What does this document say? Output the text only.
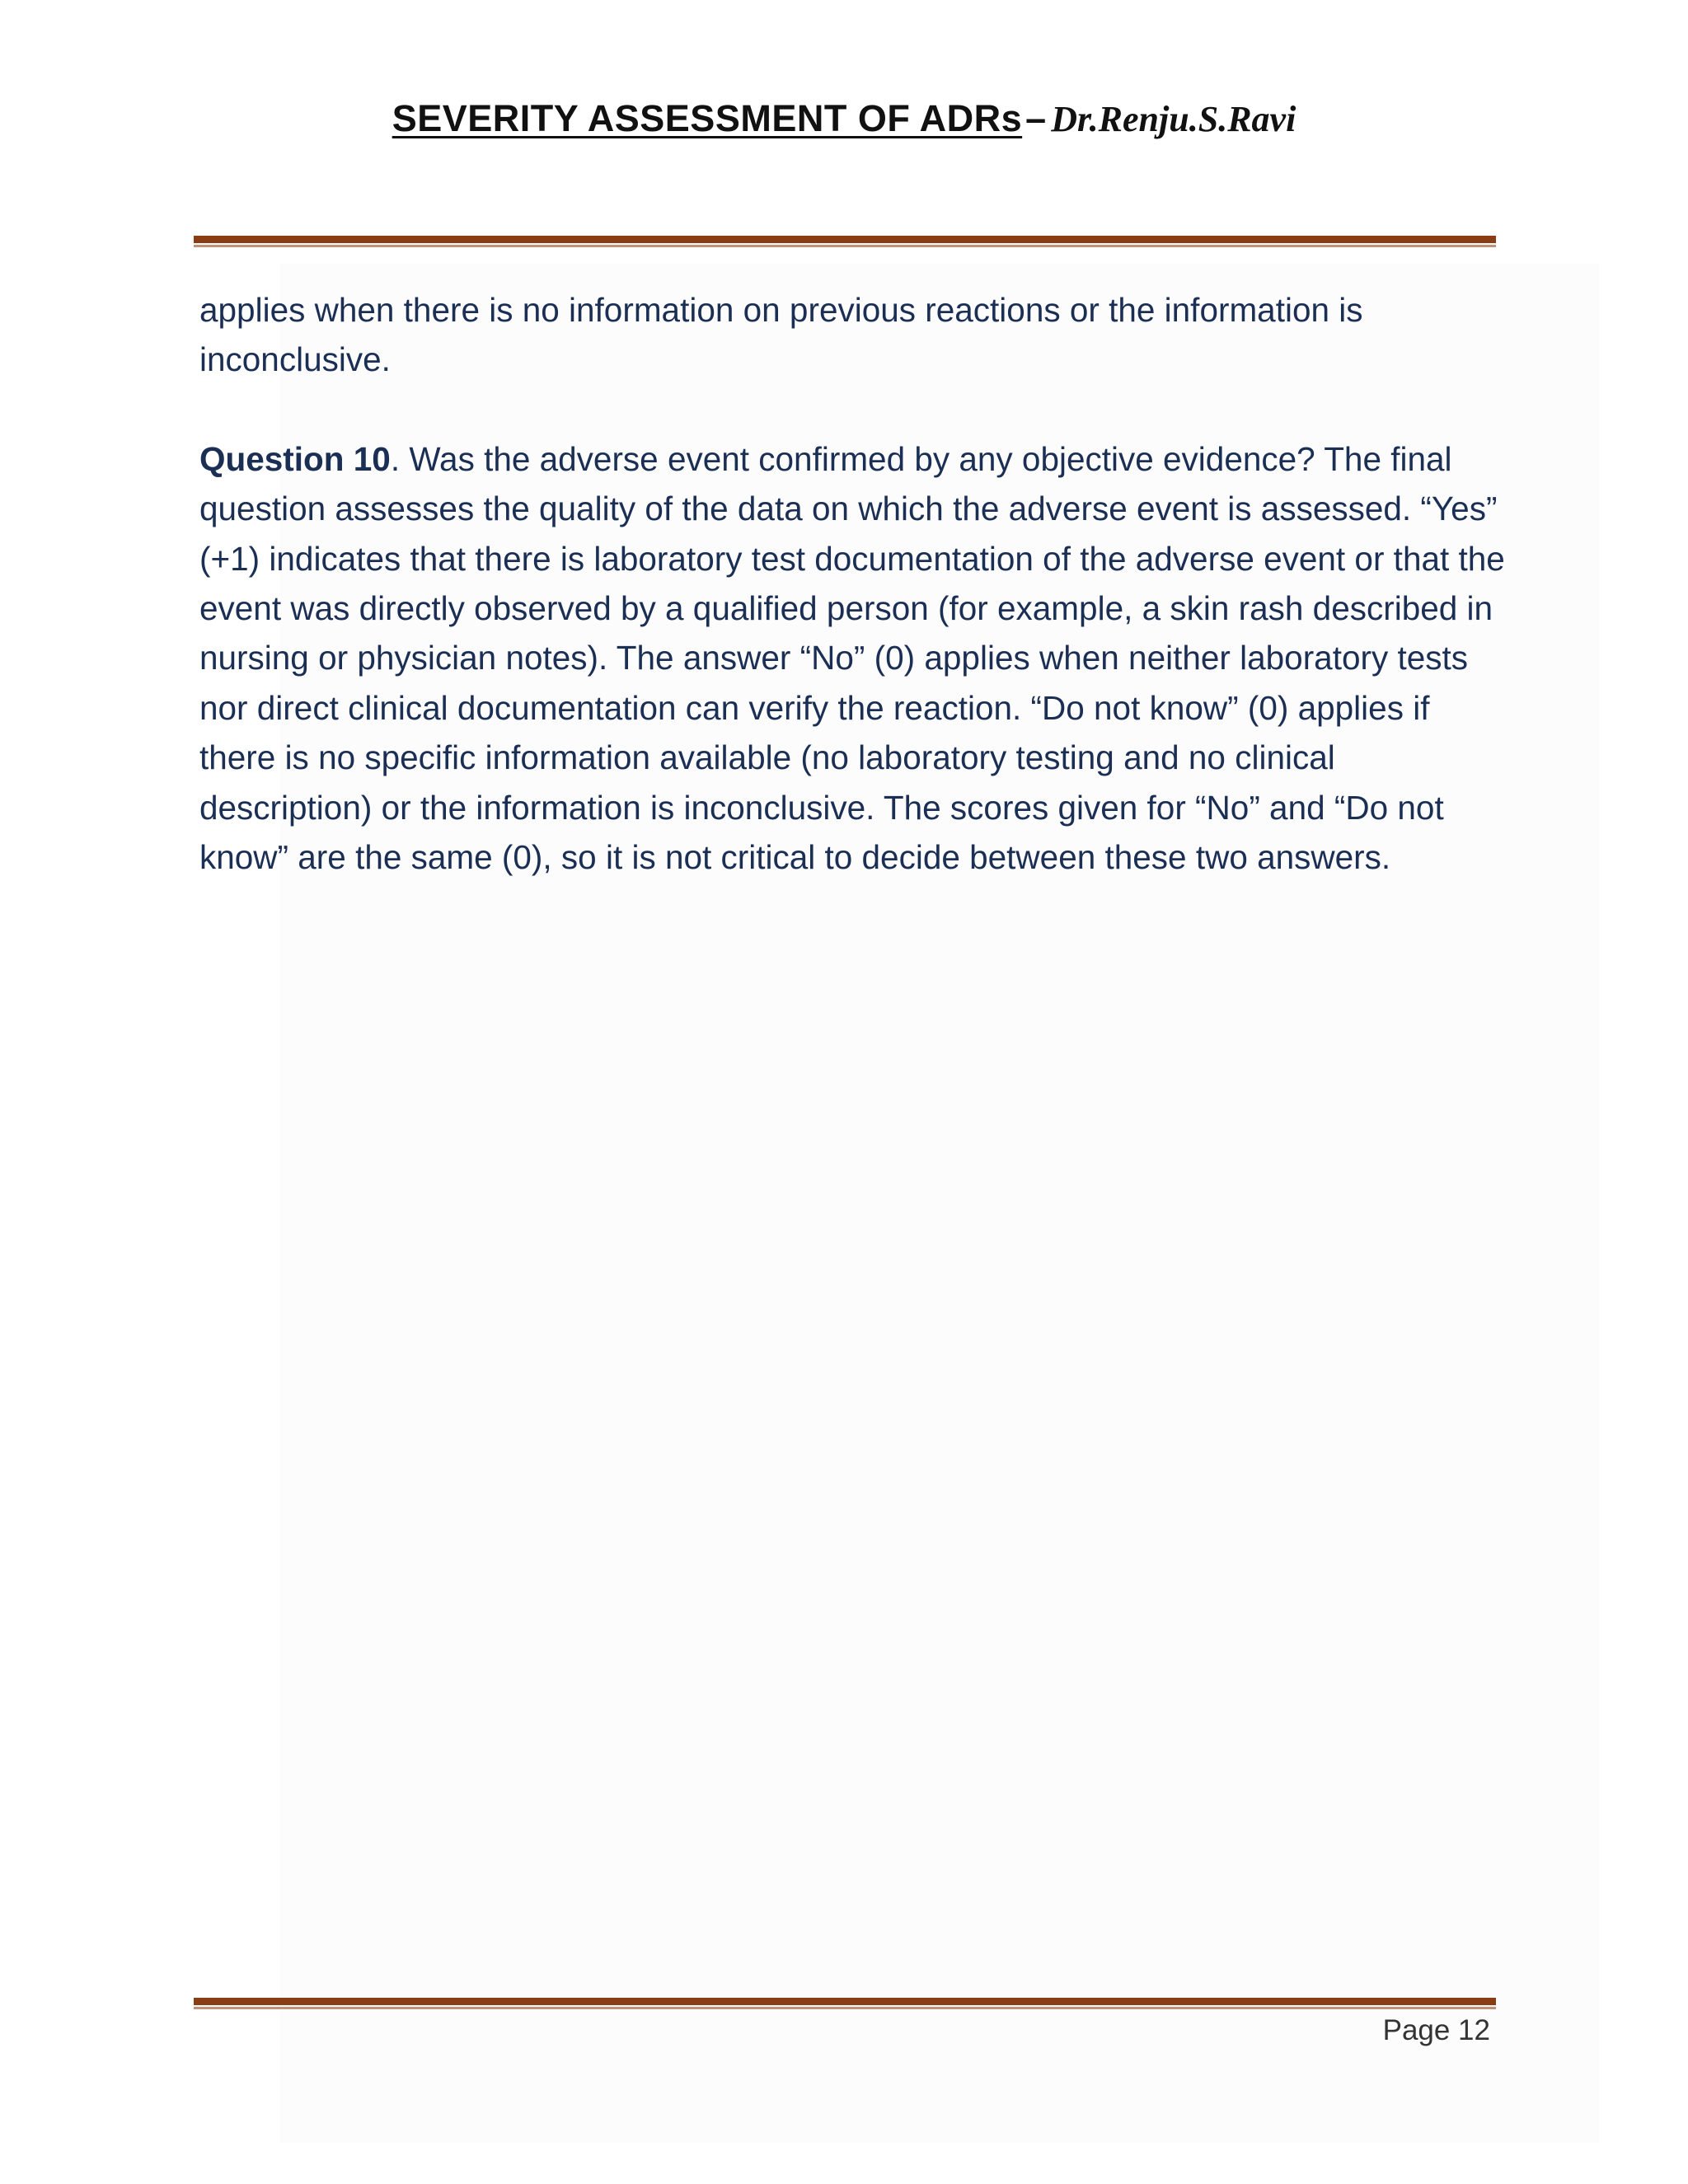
SEVERITY ASSESSMENT OF ADRs– Dr.Renju.S.Ravi

applies when there is no information on previous reactions or the information is inconclusive.

Question 10. Was the adverse event confirmed by any objective evidence? The final question assesses the quality of the data on which the adverse event is assessed. “Yes” (+1) indicates that there is laboratory test documentation of the adverse event or that the event was directly observed by a qualified person (for example, a skin rash described in nursing or physician notes). The answer “No” (0) applies when neither laboratory tests nor direct clinical documentation can verify the reaction. “Do not know” (0) applies if there is no specific information available (no laboratory testing and no clinical description) or the information is inconclusive. The scores given for “No” and “Do not know” are the same (0), so it is not critical to decide between these two answers.

Page 12
